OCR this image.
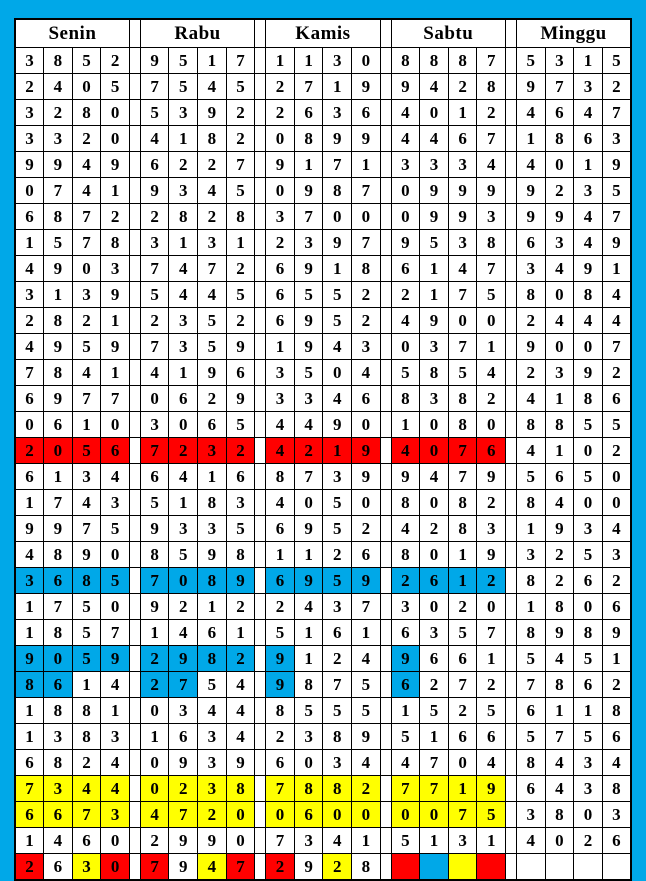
Senin					Rabu					Kamis					Sabtu					Minggu			
3	8	5	2		9	5	1	7		1	1	3	0		8	8	8	7		5	3	1	5
2	4	0	5		7	5	4	5		2	7	1	9		9	4	2	8		9	7	3	2
3	2	8	0		5	3	9	2		2	6	3	6		4	0	1	2		4	6	4	7
3	3	2	0		4	1	8	2		0	8	9	9		4	4	6	7		1	8	6	3
9	9	4	9		6	2	2	7		9	1	7	1		3	3	3	4		4	0	1	9
0	7	4	1		9	3	4	5		0	9	8	7		0	9	9	9		9	2	3	5
6	8	7	2		2	8	2	8		3	7	0	0		0	9	9	3		9	9	4	7
1	5	7	8		3	1	3	1		2	3	9	7		9	5	3	8		6	3	4	9
4	9	0	3		7	4	7	2		6	9	1	8		6	1	4	7		3	4	9	1
3	1	3	9		5	4	4	5		6	5	5	2		2	1	7	5		8	0	8	4
2	8	2	1		2	3	5	2		6	9	5	2		4	9	0	0		2	4	4	4
4	9	5	9		7	3	5	9		1	9	4	3		0	3	7	1		9	0	0	7
7	8	4	1		4	1	9	6		3	5	0	4		5	8	5	4		2	3	9	2
6	9	7	7		0	6	2	9		3	3	4	6		8	3	8	2		4	1	8	6
0	6	1	0		3	0	6	5		4	4	9	0		1	0	8	0		8	8	5	5
2	0	5	6		7	2	3	2		4	2	1	9		4	0	7	6		4	1	0	2
6	1	3	4		6	4	1	6		8	7	3	9		9	4	7	9		5	6	5	0
1	7	4	3		5	1	8	3		4	0	5	0		8	0	8	2		8	4	0	0
9	9	7	5		9	3	3	5		6	9	5	2		4	2	8	3		1	9	3	4
4	8	9	0		8	5	9	8		1	1	2	6		8	0	1	9		3	2	5	3
3	6	8	5		7	0	8	9		6	9	5	9		2	6	1	2		8	2	6	2
1	7	5	0		9	2	1	2		2	4	3	7		3	0	2	0		1	8	0	6
1	8	5	7		1	4	6	1		5	1	6	1		6	3	5	7		8	9	8	9
9	0	5	9		2	9	8	2		9	1	2	4		9	6	6	1		5	4	5	1
8	6	1	4		2	7	5	4		9	8	7	5		6	2	7	2		7	8	6	2
1	8	8	1		0	3	4	4		8	5	5	5		1	5	2	5		6	1	1	8
1	3	8	3		1	6	3	4		2	3	8	9		5	1	6	6		5	7	5	6
6	8	2	4		0	9	3	9		6	0	3	4		4	7	0	4		8	4	3	4
7	3	4	4		0	2	3	8		7	8	8	2		7	7	1	9		6	4	3	8
6	6	7	3		4	7	2	0		0	6	0	0		0	0	7	5		3	8	0	3
1	4	6	0		2	9	9	0		7	3	4	1		5	1	3	1		4	0	2	6
2	6	3	0		7	9	4	7		2	9	2	8										
